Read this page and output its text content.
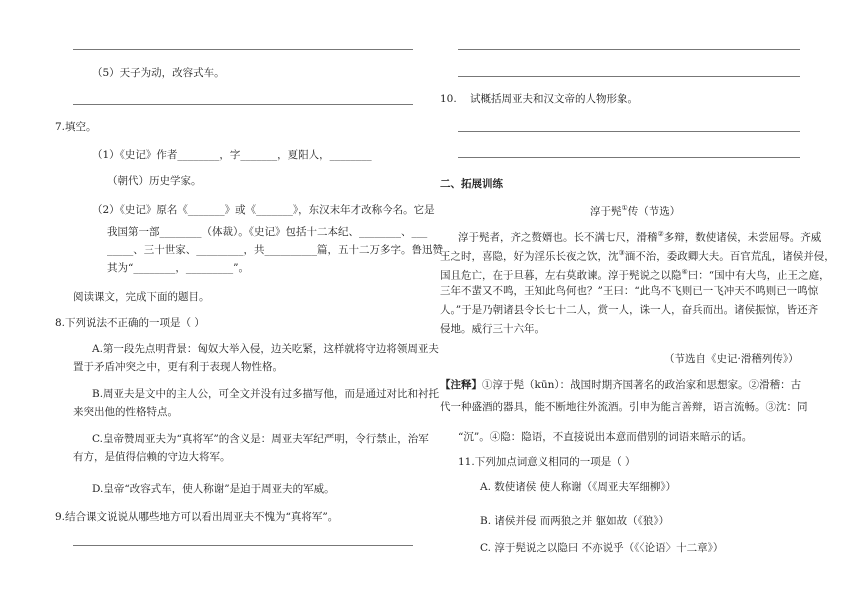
（5）天子为动，改容式车。
7.填空。
（1）《史记》作者________，字_______，夏阳人，________
（朝代）历史学家。
（2）《史记》原名《_______》或《_______》，东汉末年才改称今名。它是
我国第一部________（体裁）。《史记》包括十二本纪、________、___
_____、三十世家、_________，共__________篇，五十二万多字。鲁迅赞
其为“________，_________”。
阅读课文，完成下面的题目。
8.下列说法不正确的一项是（ ）
A.第一段先点明背景：匈奴大举入侵，边关吃紧，这样就将守边将领周亚夫
置于矛盾冲突之中，更有利于表现人物性格。
B.周亚夫是文中的主人公，可全文并没有过多描写他，而是通过对比和衬托
来突出他的性格特点。
C.皇帝赞周亚夫为“真将军”的含义是：周亚夫军纪严明，令行禁止，治军
有方，是值得信赖的守边大将军。
D.皇帝“改容式车，使人称谢”是迫于周亚夫的军威。
9.结合课文说说从哪些地方可以看出周亚夫不愧为“真将军”。
10. 试概括周亚夫和汉文帝的人物形象。
二、拓展训练
淳于髡①传（节选）
淳于髡者，齐之赘婿也。长不满七尺，滑稽②多辩，数使诸侯，未尝屈辱。齐威
王之时，喜隐，好为淫乐长夜之饮，沈③湎不治，委政卿大夫。百官荒乱，诸侯并侵，
国且危亡，在于旦暮，左右莫敢谏。淳于髡说之以隐④曰：“国中有大鸟，止王之庭，
三年不蜚又不鸣，王知此鸟何也？”王曰：“此鸟不飞则已一飞冲天不鸣则已一鸣惊
人。”于是乃朝诸县令长七十二人，赏一人，诛一人，奋兵而出。诸侯振惊，皆还齐
侵地。威行三十六年。
（节选自《史记·滑稽列传》）
【注释】①淳于髡（kūn）：战国时期齐国著名的政治家和思想家。②滑稽：古
代一种盛酒的器具，能不断地往外流酒。引申为能言善辩，语言流畅。③沈：同
“沉”。④隐：隐语，不直接说出本意而借别的词语来暗示的话。
11.下列加点词意义相同的一项是（ ）
A. 数使诸侯 使人称谢（《周亚夫军细柳》）
B. 诸侯并侵 而两狼之并 躯如故（《狼》）
C. 淳于髡说之以隐曰 不亦说乎（《〈论语〉十二章》）
